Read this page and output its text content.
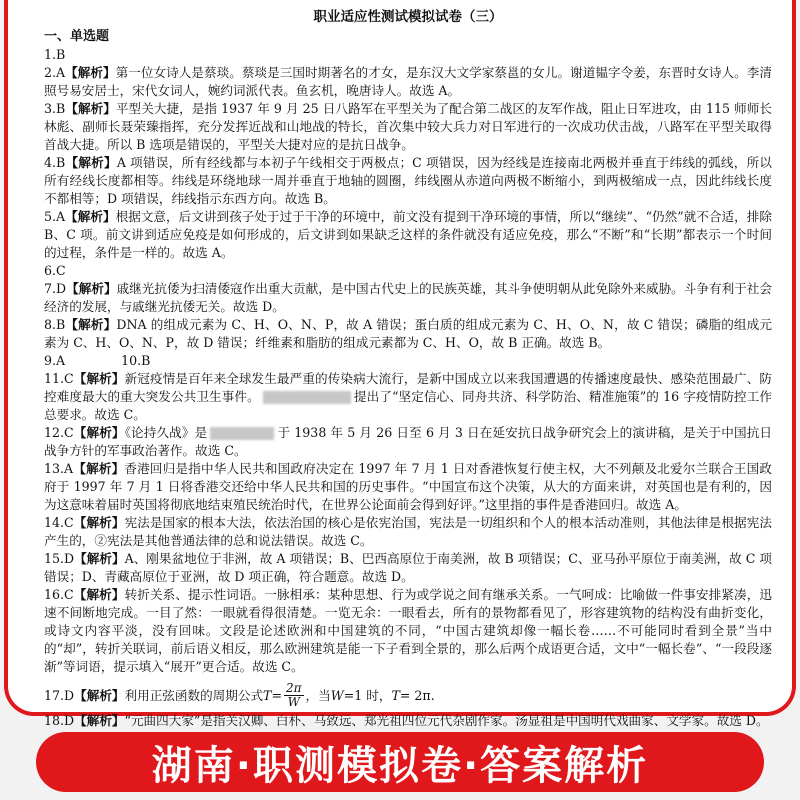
职业适应性测试模拟试卷（三）
一、单选题
1.B
2.A【解析】第一位女诗人是蔡琰。蔡琰是三国时期著名的才女，是东汉大文学家蔡邕的女儿。谢道韫字令姜，东晋时女诗人。李清照号易安居士，宋代女词人，婉约词派代表。鱼玄机，晚唐诗人。故选 A。
3.B【解析】平型关大捷，是指 1937 年 9 月 25 日八路军在平型关为了配合第二战区的友军作战，阻止日军进攻，由 115 师师长林彪、副师长聂荣臻指挥，充分发挥近战和山地战的特长，首次集中较大兵力对日军进行的一次成功伏击战，八路军在平型关取得首战大捷。所以 B 选项是错误的，平型关大捷对应的是抗日战争。
4.B【解析】A 项错误，所有经线都与本初子午线相交于两极点；C 项错误，因为经线是连接南北两极并垂直于纬线的弧线，所以所有经线长度都相等。纬线是环绕地球一周并垂直于地轴的圆圈，纬线圈从赤道向两极不断缩小，到两极缩成一点，因此纬线长度不都相等；D 项错误，纬线指示东西方向。故选 B。
5.A【解析】根据文意，后文讲到孩子处于过于干净的环境中，前文没有提到干净环境的事情，所以“继续”、“仍然”就不合适，排除 B、C 项。前文讲到适应免疫是如何形成的，后文讲到如果缺乏这样的条件就没有适应免疫，那么“不断”和“长期”都表示一个时间的过程，条件是一样的。故选 A。
6.C
7.D【解析】戚继光抗倭为扫清倭寇作出重大贡献，是中国古代史上的民族英雄，其斗争使明朝从此免除外来威胁。斗争有利于社会经济的发展，与戚继光抗倭无关。故选 D。
8.B【解析】DNA 的组成元素为 C、H、O、N、P，故 A 错误；蛋白质的组成元素为 C、H、O、N，故 C 错误；磷脂的组成元素为 C、H、O、N、P，故 D 错误；纤维素和脂肪的组成元素都为 C、H、O，故 B 正确。故选 B。
9.A	10.B
11.C【解析】新冠疫情是百年来全球发生最严重的传染病大流行，是新中国成立以来我国遭遇的传播速度最快、感染范围最广、防控难度最大的重大突发公共卫生事件。	提出了“坚定信心、同舟共济、科学防治、精准施策”的 16 字疫情防控工作总要求。故选 C。
12.C【解析】《论持久战》是	于 1938 年 5 月 26 日至 6 月 3 日在延安抗日战争研究会上的演讲稿，是关于中国抗日战争方针的军事政治著作。故选 C。
13.A【解析】香港回归是指中华人民共和国政府决定在 1997 年 7 月 1 日对香港恢复行使主权，大不列颠及北爱尔兰联合王国政府于 1997 年 7 月 1 日将香港交还给中华人民共和国的历史事件。“中国宣布这个决策，从大的方面来讲，对英国也是有利的，因为这意味着届时英国将彻底地结束殖民统治时代，在世界公论面前会得到好评。”这里指的事件是香港回归。故选 A。
14.C【解析】宪法是国家的根本大法，依法治国的核心是依宪治国，宪法是一切组织和个人的根本活动准则，其他法律是根据宪法产生的，②宪法是其他普通法律的总和说法错误。故选 C。
15.D【解析】A、刚果盆地位于非洲，故 A 项错误；B、巴西高原位于南美洲，故 B 项错误；C、亚马孙平原位于南美洲，故 C 项错误；D、青藏高原位于亚洲，故 D 项正确，符合题意。故选 D。
16.C【解析】转折关系、提示性词语。一脉相承：某种思想、行为或学说之间有继承关系。一气呵成：比喻做一件事安排紧凑，迅速不间断地完成。一目了然：一眼就看得很清楚。一览无余：一眼看去，所有的景物都看见了，形容建筑物的结构没有曲折变化，或诗文内容平淡，没有回味。文段是论述欧洲和中国建筑的不同，“中国古建筑却像一幅长卷……不可能同时看到全景”当中的“却”，转折关联词，前后语义相反，那么欧洲建筑是能一下子看到全景的，那么后两个成语更合适，文中“一幅长卷”、“一段段逐渐”等词语，提示填入“展开”更合适。故选 C。
17.D 【解析】 利用正弦函数的周期公式 $T = \frac{2\pi}{W}$ ，当 W =1 时， T = 2π.
18.D【解析】“元曲四大家”是指关汉卿、白朴、马致远、郑光祖四位元代杂剧作家。汤显祖是中国明代戏曲家、文学家。故选 D。
湖南·职测模拟卷·答案解析
